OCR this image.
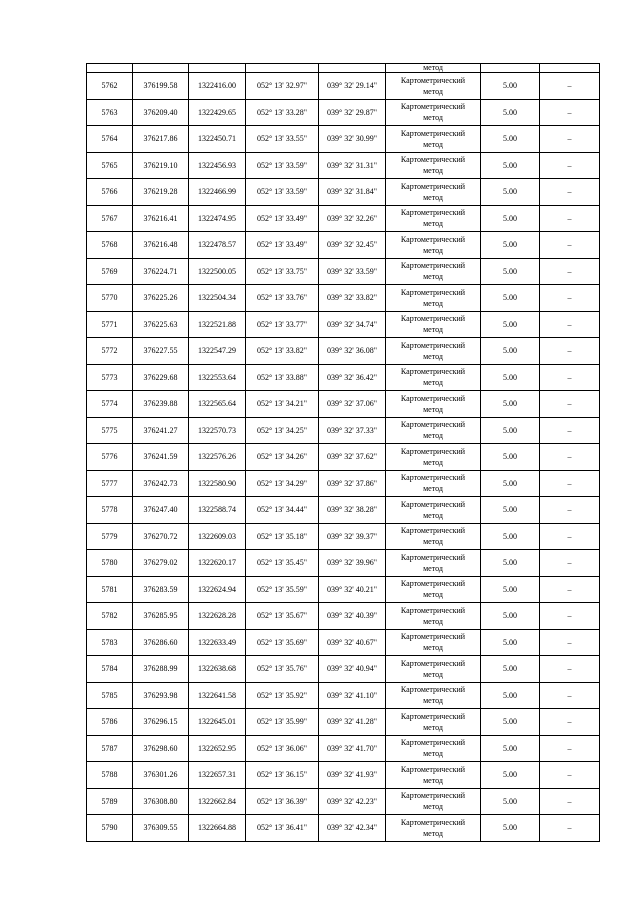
					метод		
5762	376199.58	1322416.00	052° 13' 32.97"	039° 32' 29.14"	Картометрический
метод	5.00	–
5763	376209.40	1322429.65	052° 13' 33.28"	039° 32' 29.87"	Картометрический
метод	5.00	–
5764	376217.86	1322450.71	052° 13' 33.55"	039° 32' 30.99"	Картометрический
метод	5.00	–
5765	376219.10	1322456.93	052° 13' 33.59"	039° 32' 31.31"	Картометрический
метод	5.00	–
5766	376219.28	1322466.99	052° 13' 33.59"	039° 32' 31.84"	Картометрический
метод	5.00	–
5767	376216.41	1322474.95	052° 13' 33.49"	039° 32' 32.26"	Картометрический
метод	5.00	–
5768	376216.48	1322478.57	052° 13' 33.49"	039° 32' 32.45"	Картометрический
метод	5.00	–
5769	376224.71	1322500.05	052° 13' 33.75"	039° 32' 33.59"	Картометрический
метод	5.00	–
5770	376225.26	1322504.34	052° 13' 33.76"	039° 32' 33.82"	Картометрический
метод	5.00	–
5771	376225.63	1322521.88	052° 13' 33.77"	039° 32' 34.74"	Картометрический
метод	5.00	–
5772	376227.55	1322547.29	052° 13' 33.82"	039° 32' 36.08"	Картометрический
метод	5.00	–
5773	376229.68	1322553.64	052° 13' 33.88"	039° 32' 36.42"	Картометрический
метод	5.00	–
5774	376239.88	1322565.64	052° 13' 34.21"	039° 32' 37.06"	Картометрический
метод	5.00	–
5775	376241.27	1322570.73	052° 13' 34.25"	039° 32' 37.33"	Картометрический
метод	5.00	–
5776	376241.59	1322576.26	052° 13' 34.26"	039° 32' 37.62"	Картометрический
метод	5.00	–
5777	376242.73	1322580.90	052° 13' 34.29"	039° 32' 37.86"	Картометрический
метод	5.00	–
5778	376247.40	1322588.74	052° 13' 34.44"	039° 32' 38.28"	Картометрический
метод	5.00	–
5779	376270.72	1322609.03	052° 13' 35.18"	039° 32' 39.37"	Картометрический
метод	5.00	–
5780	376279.02	1322620.17	052° 13' 35.45"	039° 32' 39.96"	Картометрический
метод	5.00	–
5781	376283.59	1322624.94	052° 13' 35.59"	039° 32' 40.21"	Картометрический
метод	5.00	–
5782	376285.95	1322628.28	052° 13' 35.67"	039° 32' 40.39"	Картометрический
метод	5.00	–
5783	376286.60	1322633.49	052° 13' 35.69"	039° 32' 40.67"	Картометрический
метод	5.00	–
5784	376288.99	1322638.68	052° 13' 35.76"	039° 32' 40.94"	Картометрический
метод	5.00	–
5785	376293.98	1322641.58	052° 13' 35.92"	039° 32' 41.10"	Картометрический
метод	5.00	–
5786	376296.15	1322645.01	052° 13' 35.99"	039° 32' 41.28"	Картометрический
метод	5.00	–
5787	376298.60	1322652.95	052° 13' 36.06"	039° 32' 41.70"	Картометрический
метод	5.00	–
5788	376301.26	1322657.31	052° 13' 36.15"	039° 32' 41.93"	Картометрический
метод	5.00	–
5789	376308.80	1322662.84	052° 13' 36.39"	039° 32' 42.23"	Картометрический
метод	5.00	–
5790	376309.55	1322664.88	052° 13' 36.41"	039° 32' 42.34"	Картометрический
метод	5.00	–
